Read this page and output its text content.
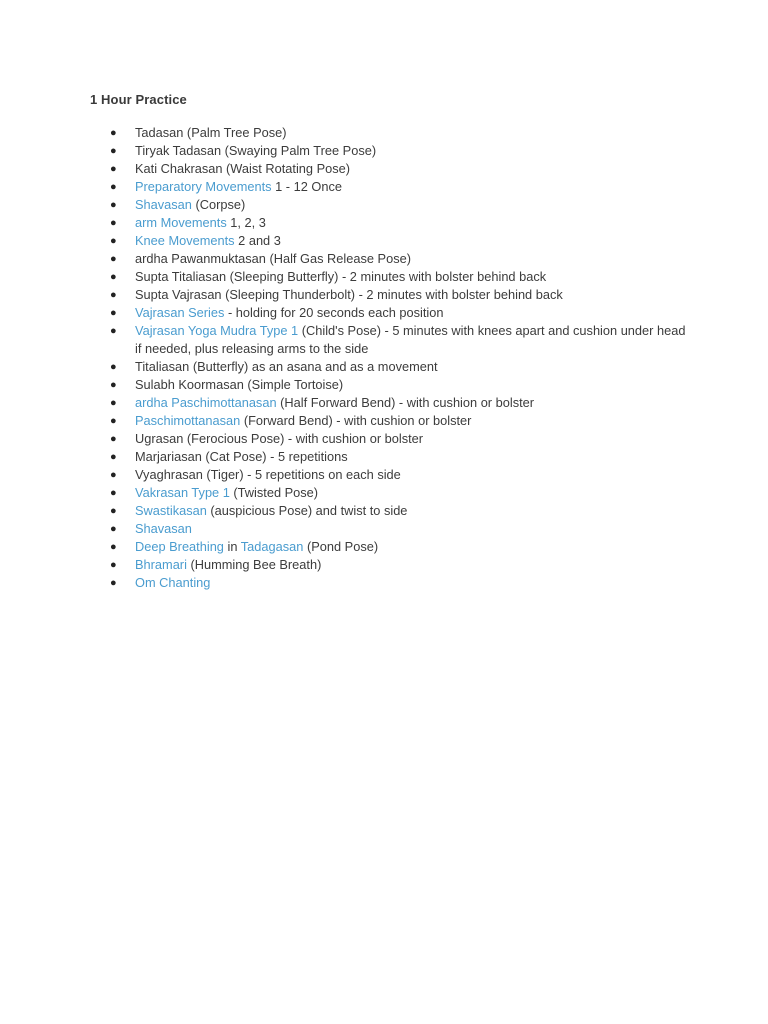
1 Hour Practice
● Tadasan (Palm Tree Pose)
● Tiryak Tadasan (Swaying Palm Tree Pose)
● Kati Chakrasan (Waist Rotating Pose)
● Preparatory Movements 1 - 12 Once
● Shavasan (Corpse)
● arm Movements 1, 2, 3
● Knee Movements 2 and 3
● ardha Pawanmuktasan (Half Gas Release Pose)
● Supta Titaliasan (Sleeping Butterfly) - 2 minutes with bolster behind back
● Supta Vajrasan (Sleeping Thunderbolt) - 2 minutes with bolster behind back
● Vajrasan Series - holding for 20 seconds each position
● Vajrasan Yoga Mudra Type 1 (Child's Pose) - 5 minutes with knees apart and cushion under head if needed, plus releasing arms to the side
● Titaliasan (Butterfly) as an asana and as a movement
● Sulabh Koormasan (Simple Tortoise)
● ardha Paschimottanasan (Half Forward Bend) - with cushion or bolster
● Paschimottanasan (Forward Bend) - with cushion or bolster
● Ugrasan (Ferocious Pose) - with cushion or bolster
● Marjariasan (Cat Pose) - 5 repetitions
● Vyaghrasan (Tiger) - 5 repetitions on each side
● Vakrasan Type 1 (Twisted Pose)
● Swastikasan (auspicious Pose) and twist to side
● Shavasan
● Deep Breathing in Tadagasan (Pond Pose)
● Bhramari (Humming Bee Breath)
● Om Chanting
